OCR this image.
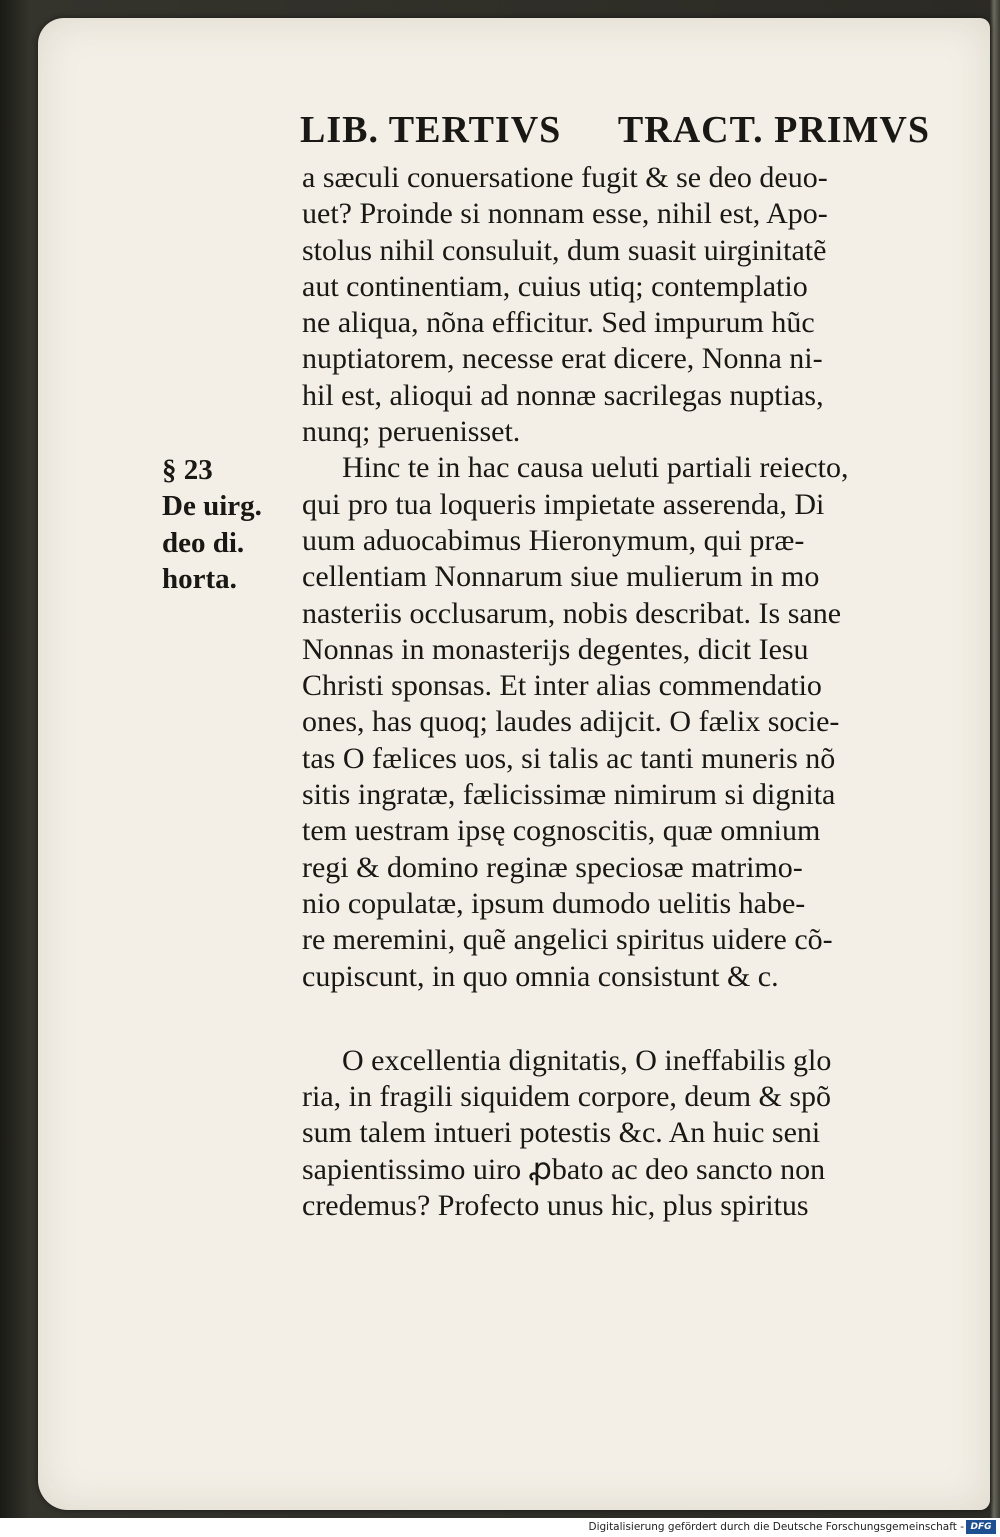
LIB. TERTIVS TRACT. PRIMVS
§ 23
De uirg.
deo di.
horta.
a sæculi conuersatione fugit & se deo deuo-
uet? Proinde si nonnam esse, nihil est, Apo-
stolus nihil consuluit, dum suasit uirginitatẽ
aut continentiam, cuius utiq; contemplatio
ne aliqua, nõna efficitur. Sed impurum hũc
nuptiatorem, necesse erat dicere, Nonna ni-
hil est, alioqui ad nonnæ sacrilegas nuptias,
nunq; peruenisset.
Hinc te in hac causa ueluti partiali reiecto,
qui pro tua loqueris impietate asserenda, Di
uum aduocabimus Hieronymum, qui præ-
cellentiam Nonnarum siue mulierum in mo
nasteriis occlusarum, nobis describat. Is sane
Nonnas in monasterijs degentes, dicit Iesu
Christi sponsas. Et inter alias commendatio
ones, has quoq; laudes adijcit. O fælix socie-
tas O fælices uos, si talis ac tanti muneris nõ
sitis ingratæ, fælicissimæ nimirum si dignita
tem uestram ipsę cognoscitis, quæ omnium
regi & domino reginæ speciosæ matrimo-
nio copulatæ, ipsum dumodo uelitis habe-
re meremini, quẽ angelici spiritus uidere cõ-
cupiscunt, in quo omnia consistunt & c.
O excellentia dignitatis, O ineffabilis glo
ria, in fragili siquidem corpore, deum & spõ
sum talem intueri potestis &c. An huic seni
sapientissimo uiro ꝓbato ac deo sancto non
credemus? Profecto unus hic, plus spiritus
Digitalisierung gefördert durch die Deutsche Forschungsgemeinschaft - DFG
